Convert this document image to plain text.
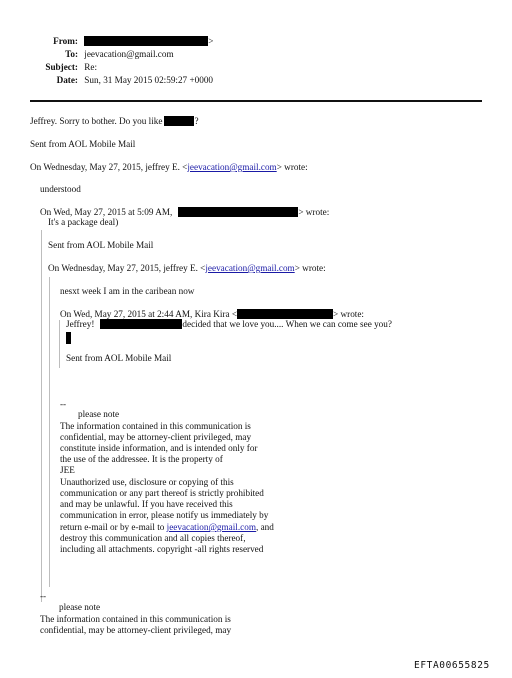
From:	>
To: jeevacation@gmail.com
Subject: Re:
Date: Sun, 31 May 2015 02:59:27 +0000
Jeffrey. Sorry to bother. Do you like	?
Sent from AOL Mobile Mail
On Wednesday, May 27, 2015, jeffrey E. <jeevacation@gmail.com> wrote:
understood
On Wed, May 27, 2015 at 5:09 AM,	> wrote:
It's a package deal)
Sent from AOL Mobile Mail
On Wednesday, May 27, 2015, jeffrey E. <jeevacation@gmail.com> wrote:
nesxt week I am in the caribean now
On Wed, May 27, 2015 at 2:44 AM, Kira Kira <	> wrote:
Jeffrey!	decided that we love you.... When we can come see you?
Sent from AOL Mobile Mail
--
please note
The information contained in this communication is
confidential, may be attorney-client privileged, may
constitute inside information, and is intended only for
the use of the addressee. It is the property of
JEE
Unauthorized use, disclosure or copying of this
communication or any part thereof is strictly prohibited
and may be unlawful. If you have received this
communication in error, please notify us immediately by
return e-mail or by e-mail to jeevacation@gmail.com, and
destroy this communication and all copies thereof,
including all attachments. copyright -all rights reserved
--
please note
The information contained in this communication is
confidential, may be attorney-client privileged, may
EFTA00655825
